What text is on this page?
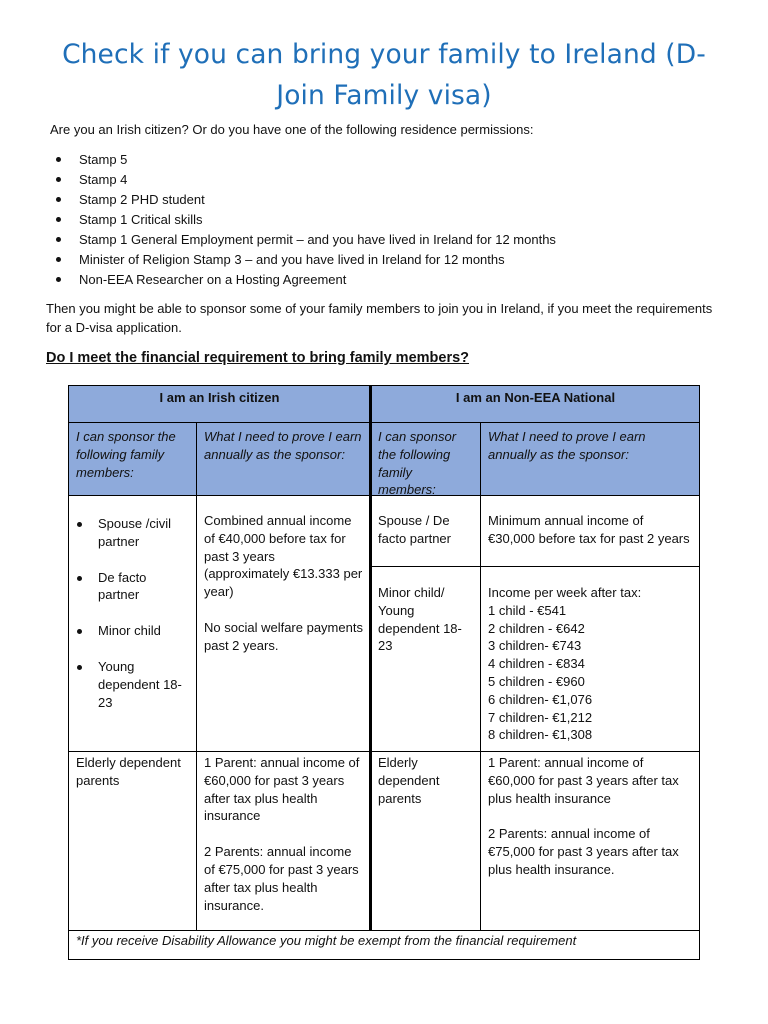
Check if you can bring your family to Ireland (D-Join Family visa)

Are you an Irish citizen? Or do you have one of the following residence permissions:

Stamp 5
Stamp 4
Stamp 2 PHD student
Stamp 1 Critical skills
Stamp 1 General Employment permit – and you have lived in Ireland for 12 months
Minister of Religion Stamp 3 – and you have lived in Ireland for 12 months
Non-EEA Researcher on a Hosting Agreement

Then you might be able to sponsor some of your family members to join you in Ireland, if you meet the requirements for a D-visa application.

Do I meet the financial requirement to bring family members?
I am an Irish citizen	I am an Non-EEA National
I can sponsor the following family members:
What I need to prove I earn annually as the sponsor:
I can sponsor the following family members:
What I need to prove I earn annually as the sponsor:
Spouse /civil partner
De facto partner
Minor child
Young dependent 18-23
Combined annual income of €40,000 before tax for past 3 years (approximately €13.333 per year)
No social welfare payments past 2 years.
Spouse / De facto partner
Minimum annual income of €30,000 before tax for past 2 years
Minor child/ Young dependent 18-23
Income per week after tax:
1 child - €541
2 children - €642
3 children- €743
4 children - €834
5 children - €960
6 children- €1,076
7 children- €1,212
8 children- €1,308
Elderly dependent parents
1 Parent: annual income of €60,000 for past 3 years after tax plus health insurance
2 Parents: annual income of €75,000 for past 3 years after tax plus health insurance.
Elderly dependent parents
1 Parent: annual income of €60,000 for past 3 years after tax plus health insurance
2 Parents: annual income of €75,000 for past 3 years after tax plus health insurance.
*If you receive Disability Allowance you might be exempt from the financial requirement
